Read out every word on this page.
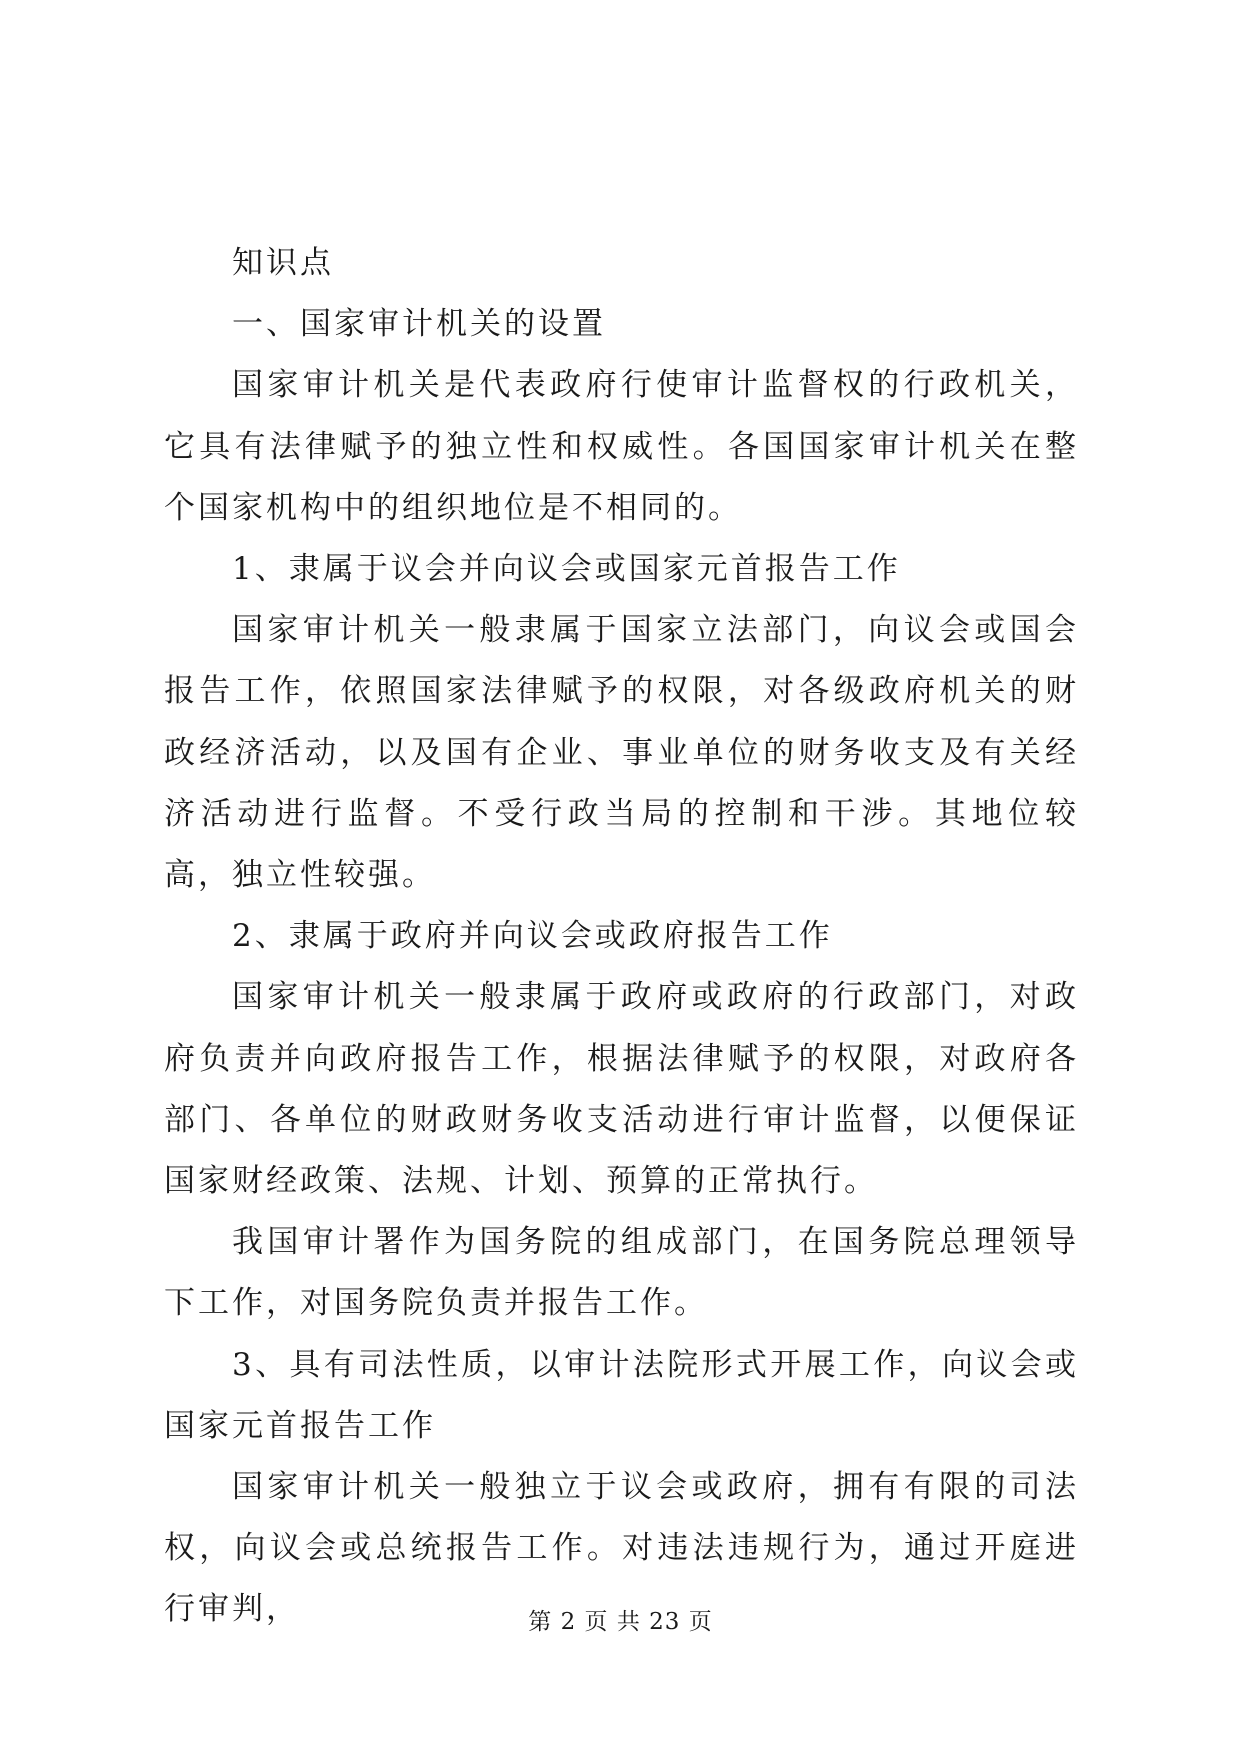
知识点

一、国家审计机关的设置

国家审计机关是代表政府行使审计监督权的行政机关，它具有法律赋予的独立性和权威性。各国国家审计机关在整个国家机构中的组织地位是不相同的。

1、隶属于议会并向议会或国家元首报告工作

国家审计机关一般隶属于国家立法部门，向议会或国会报告工作，依照国家法律赋予的权限，对各级政府机关的财政经济活动，以及国有企业、事业单位的财务收支及有关经济活动进行监督。不受行政当局的控制和干涉。其地位较高，独立性较强。

2、隶属于政府并向议会或政府报告工作

国家审计机关一般隶属于政府或政府的行政部门，对政府负责并向政府报告工作，根据法律赋予的权限，对政府各部门、各单位的财政财务收支活动进行审计监督，以便保证国家财经政策、法规、计划、预算的正常执行。

我国审计署作为国务院的组成部门，在国务院总理领导下工作，对国务院负责并报告工作。

3、具有司法性质，以审计法院形式开展工作，向议会或国家元首报告工作

国家审计机关一般独立于议会或政府，拥有有限的司法权，向议会或总统报告工作。对违法违规行为，通过开庭进行审判，	第 2 页 共 23 页
